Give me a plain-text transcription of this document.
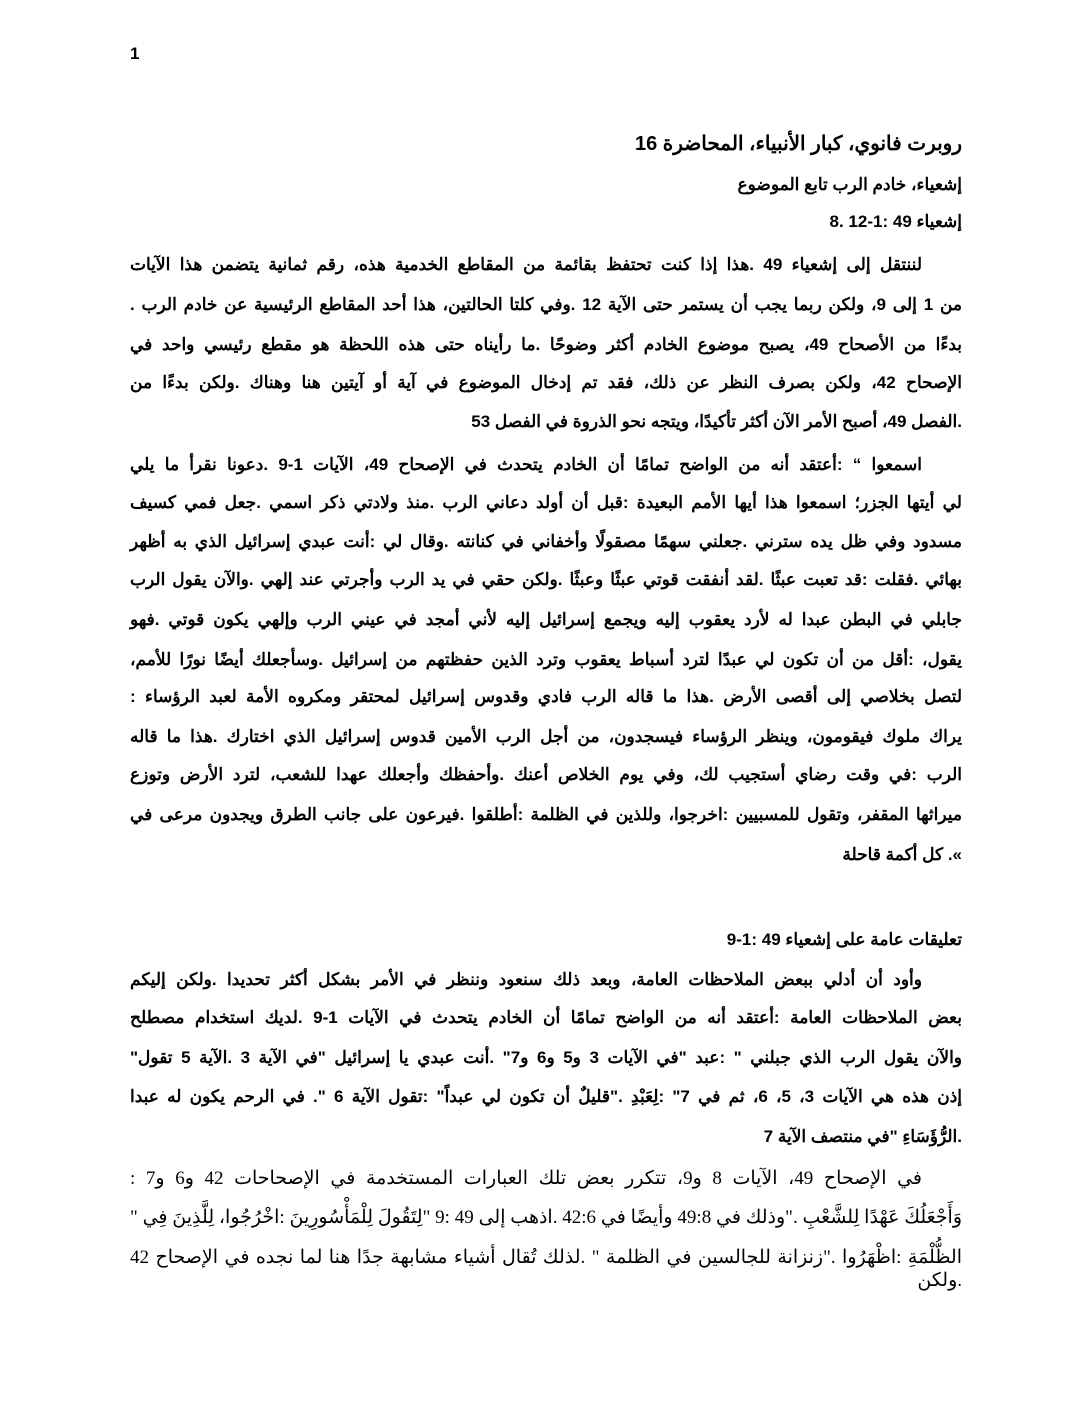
1
روبرت فانوي، كبار الأنبياء، المحاضرة 16
إشعياء، خادم الرب تابع الموضوع
إشعياء 49 :1-12 .8
لننتقل إلى إشعياء 49 .هذا إذا كنت تحتفظ بقائمة من المقاطع الخدمية هذه، رقم ثمانية يتضمن هذا الآيات
من 1 إلى 9، ولكن ربما يجب أن يستمر حتى الآية 12 .وفي كلتا الحالتين، هذا أحد المقاطع الرئيسية عن خادم الرب .
بدءًا من الأصحاح 49، يصبح موضوع الخادم أكثر وضوحًا .ما رأيناه حتى هذه اللحظة هو مقطع رئيسي واحد في
الإصحاح 42، ولكن بصرف النظر عن ذلك، فقد تم إدخال الموضوع في آية أو آيتين هنا وهناك .ولكن بدءًا من
.الفصل 49، أصبح الأمر الآن أكثر تأكيدًا، ويتجه نحو الذروة في الفصل 53
اسمعوا “ :أعتقد أنه من الواضح تمامًا أن الخادم يتحدث في الإصحاح 49، الآيات 1-9 .دعونا نقرأ ما يلي
لي أيتها الجزر؛ اسمعوا هذا أيها الأمم البعيدة :قبل أن أولد دعاني الرب .منذ ولادتي ذكر اسمي .جعل فمي كسيف
مسدود وفي ظل يده سترني .جعلني سهمًا مصقولًا وأخفاني في كنانته .وقال لي :أنت عبدي إسرائيل الذي به أظهر
بهائي .فقلت :قد تعبت عبثًا .لقد أنفقت قوتي عبثًا وعبثًا .ولكن حقي في يد الرب وأجرتي عند إلهي .والآن يقول الرب
جابلي في البطن عبدا له لأرد يعقوب إليه ويجمع إسرائيل إليه لأني أمجد في عيني الرب وإلهي يكون قوتي .فهو
يقول، :أقل من أن تكون لي عبدًا لترد أسباط يعقوب وترد الذين حفظتهم من إسرائيل .وسأجعلك أيضًا نورًا للأمم،
لتصل بخلاصي إلى أقصى الأرض .هذا ما قاله الرب فادي وقدوس إسرائيل لمحتقر ومكروه الأمة لعبد الرؤساء :
يراك ملوك فيقومون، وينظر الرؤساء فيسجدون، من أجل الرب الأمين قدوس إسرائيل الذي اختارك .هذا ما قاله
الرب :في وقت رضاي أستجيب لك، وفي يوم الخلاص أعنك .وأحفظك وأجعلك عهدا للشعب، لترد الأرض وتوزع
ميراثها المقفر، وتقول للمسبيين :اخرجوا، وللذين في الظلمة :أطلقوا .فيرعون على جانب الطرق ويجدون مرعى في
». كل أكمة قاحلة
تعليقات عامة على إشعياء 49 :1-9
وأود أن أدلي ببعض الملاحظات العامة، وبعد ذلك سنعود وننظر في الأمر بشكل أكثر تحديدا .ولكن إليكم
بعض الملاحظات العامة :أعتقد أنه من الواضح تمامًا أن الخادم يتحدث في الآيات 1-9 .لديك استخدام مصطلح
والآن يقول الرب الذي جبلني " :عبد "في الآيات 3 و5 و6 و7" .أنت عبدي يا إسرائيل "في الآية 3 .الآية 5 تقول"
إذن هذه هي الآيات 3، 5، 6، ثم في 7" :لِعَبْدِ ."قليلٌ أن تكون لي عبداً" :تقول الآية 6 ". في الرحم يكون له عبدا
.الرُّؤَسَاءِ "في منتصف الآية 7
في الإصحاح 49، الآيات 8 و9، تتكرر بعض تلك العبارات المستخدمة في الإصحاحات 42 و6 و7 :
وَأَجْعَلُكَ عَهْدًا لِلشَّعْبِ ."وذلك في 49:8 وأيضًا في 42:6 .اذهب إلى 49 :9 "لِتَقُولَ لِلْمَأْسُورِينَ :اخْرُجُوا، لِلَّذِينَ فِي "
الظُّلْمَةِ :اظْهَرُوا ."زنزانة للجالسين في الظلمة " .لذلك تُقال أشياء مشابهة جدًا هنا لما نجده في الإصحاح 42 .ولكن
